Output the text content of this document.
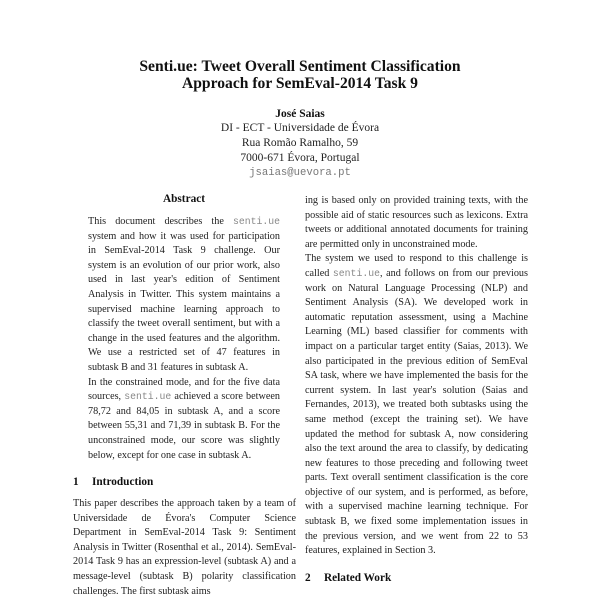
Senti.ue: Tweet Overall Sentiment Classification
Approach for SemEval-2014 Task 9
José Saias
DI - ECT - Universidade de Évora
Rua Romão Ramalho, 59
7000-671 Évora, Portugal
jsaias@uevora.pt
Abstract

This document describes the senti.ue system and how it was used for participation in SemEval-2014 Task 9 challenge. Our system is an evolution of our prior work, also used in last year's edition of Sentiment Analysis in Twitter. This system maintains a supervised machine learning approach to classify the tweet overall sentiment, but with a change in the used features and the algorithm. We use a restricted set of 47 features in subtask B and 31 features in subtask A.

In the constrained mode, and for the five data sources, senti.ue achieved a score between 78,72 and 84,05 in subtask A, and a score between 55,31 and 71,39 in subtask B. For the unconstrained mode, our score was slightly below, except for one case in subtask A.

1 Introduction

This paper describes the approach taken by a team of Universidade de Évora's Computer Science Department in SemEval-2014 Task 9: Sentiment Analysis in Twitter (Rosenthal et al., 2014). SemEval-2014 Task 9 has an expression-level (subtask A) and a message-level (subtask B) polarity classification challenges. The first subtask aims

ing is based only on provided training texts, with the possible aid of static resources such as lexicons. Extra tweets or additional annotated documents for training are permitted only in unconstrained mode.

The system we used to respond to this challenge is called senti.ue, and follows on from our previous work on Natural Language Processing (NLP) and Sentiment Analysis (SA). We developed work in automatic reputation assessment, using a Machine Learning (ML) based classifier for comments with impact on a particular target entity (Saias, 2013). We also participated in the previous edition of SemEval SA task, where we have implemented the basis for the current system. In last year's solution (Saias and Fernandes, 2013), we treated both subtasks using the same method (except the training set). We have updated the method for subtask A, now considering also the text around the area to classify, by dedicating new features to those preceding and following tweet parts. Text overall sentiment classification is the core objective of our system, and is performed, as before, with a supervised machine learning technique. For subtask B, we fixed some implementation issues in the previous version, and we went from 22 to 53 features, explained in Section 3.

2 Related Work
